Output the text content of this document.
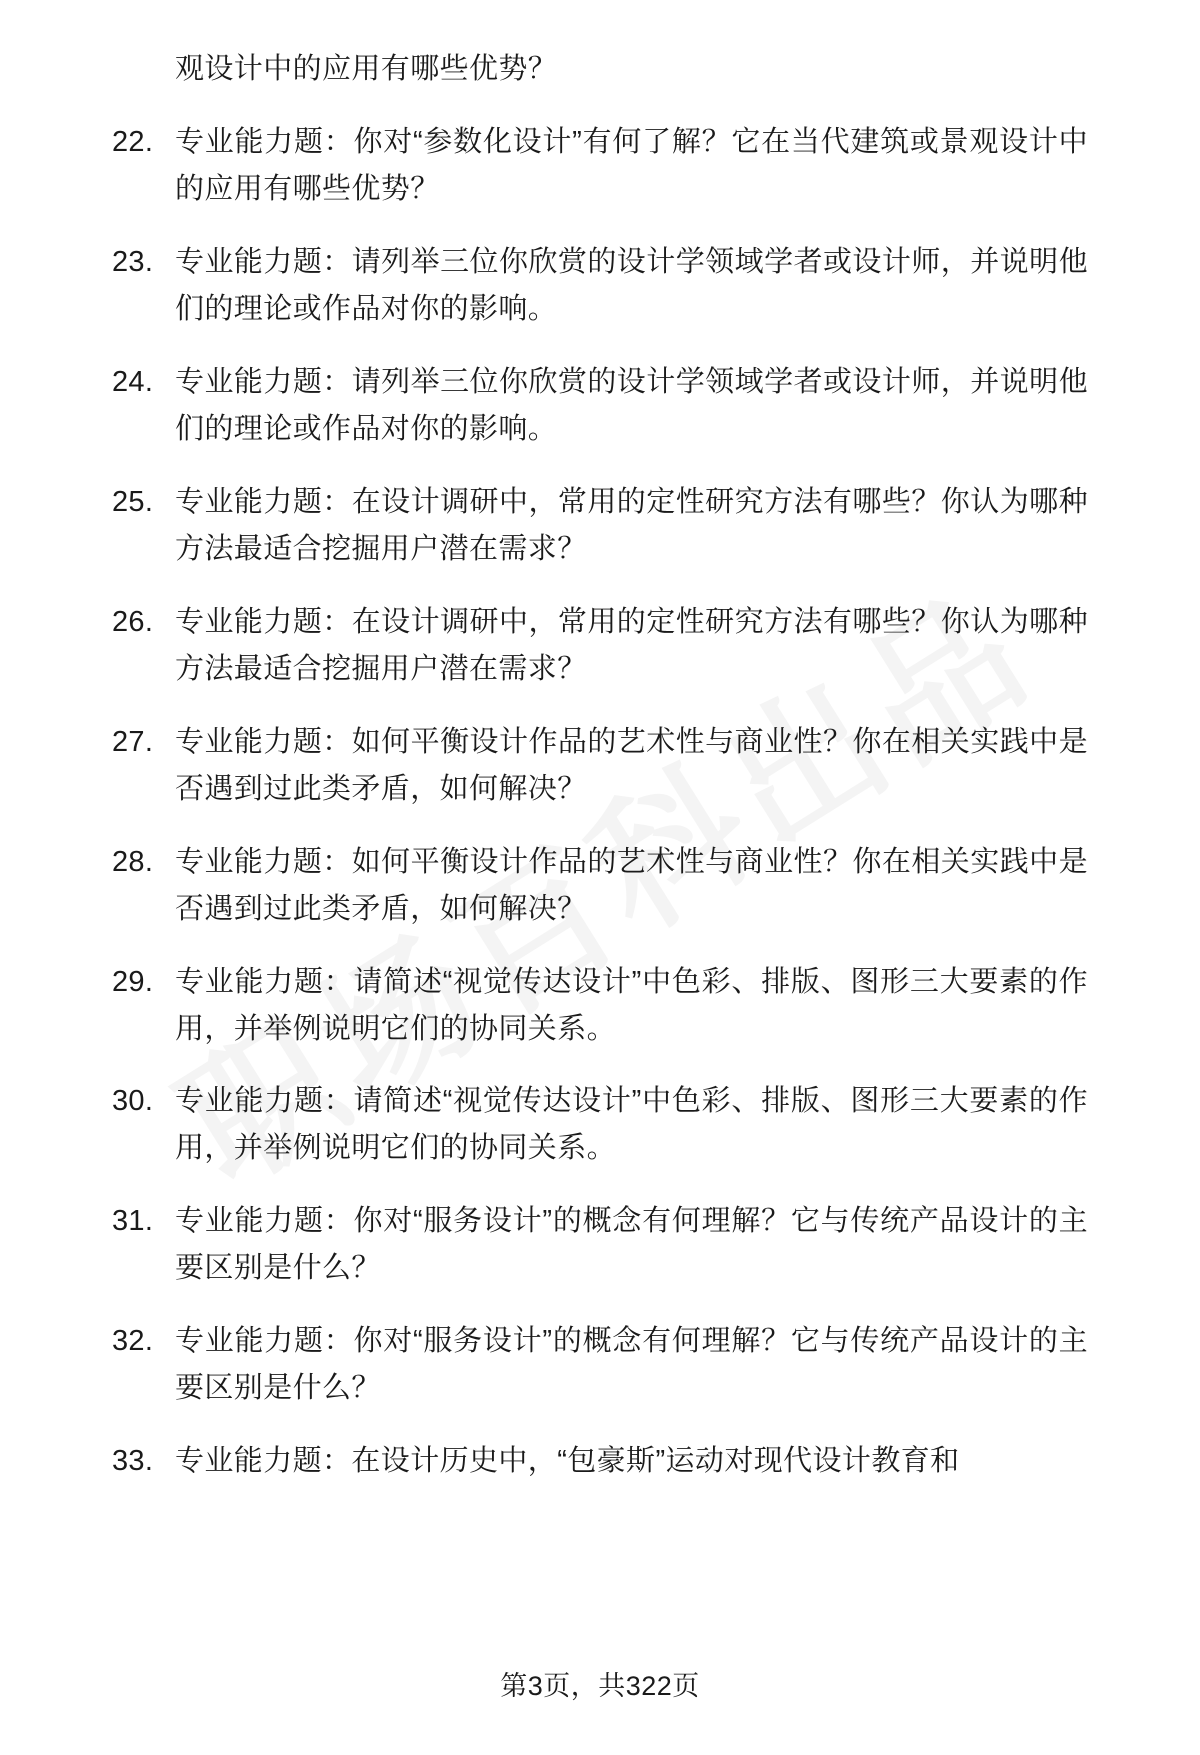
观设计中的应用有哪些优势？

22. 专业能力题：你对“参数化设计”有何了解？它在当代建筑或景观设计中的应用有哪些优势？
23. 专业能力题：请列举三位你欣赏的设计学领域学者或设计师，并说明他们的理论或作品对你的影响。
24. 专业能力题：请列举三位你欣赏的设计学领域学者或设计师，并说明他们的理论或作品对你的影响。
25. 专业能力题：在设计调研中，常用的定性研究方法有哪些？你认为哪种方法最适合挖掘用户潜在需求？
26. 专业能力题：在设计调研中，常用的定性研究方法有哪些？你认为哪种方法最适合挖掘用户潜在需求？
27. 专业能力题：如何平衡设计作品的艺术性与商业性？你在相关实践中是否遇到过此类矛盾，如何解决？
28. 专业能力题：如何平衡设计作品的艺术性与商业性？你在相关实践中是否遇到过此类矛盾，如何解决？
29. 专业能力题：请简述“视觉传达设计”中色彩、排版、图形三大要素的作用，并举例说明它们的协同关系。
30. 专业能力题：请简述“视觉传达设计”中色彩、排版、图形三大要素的作用，并举例说明它们的协同关系。
31. 专业能力题：你对“服务设计”的概念有何理解？它与传统产品设计的主要区别是什么？
32. 专业能力题：你对“服务设计”的概念有何理解？它与传统产品设计的主要区别是什么？
33. 专业能力题：在设计历史中，“包豪斯”运动对现代设计教育和
第3页，共322页
